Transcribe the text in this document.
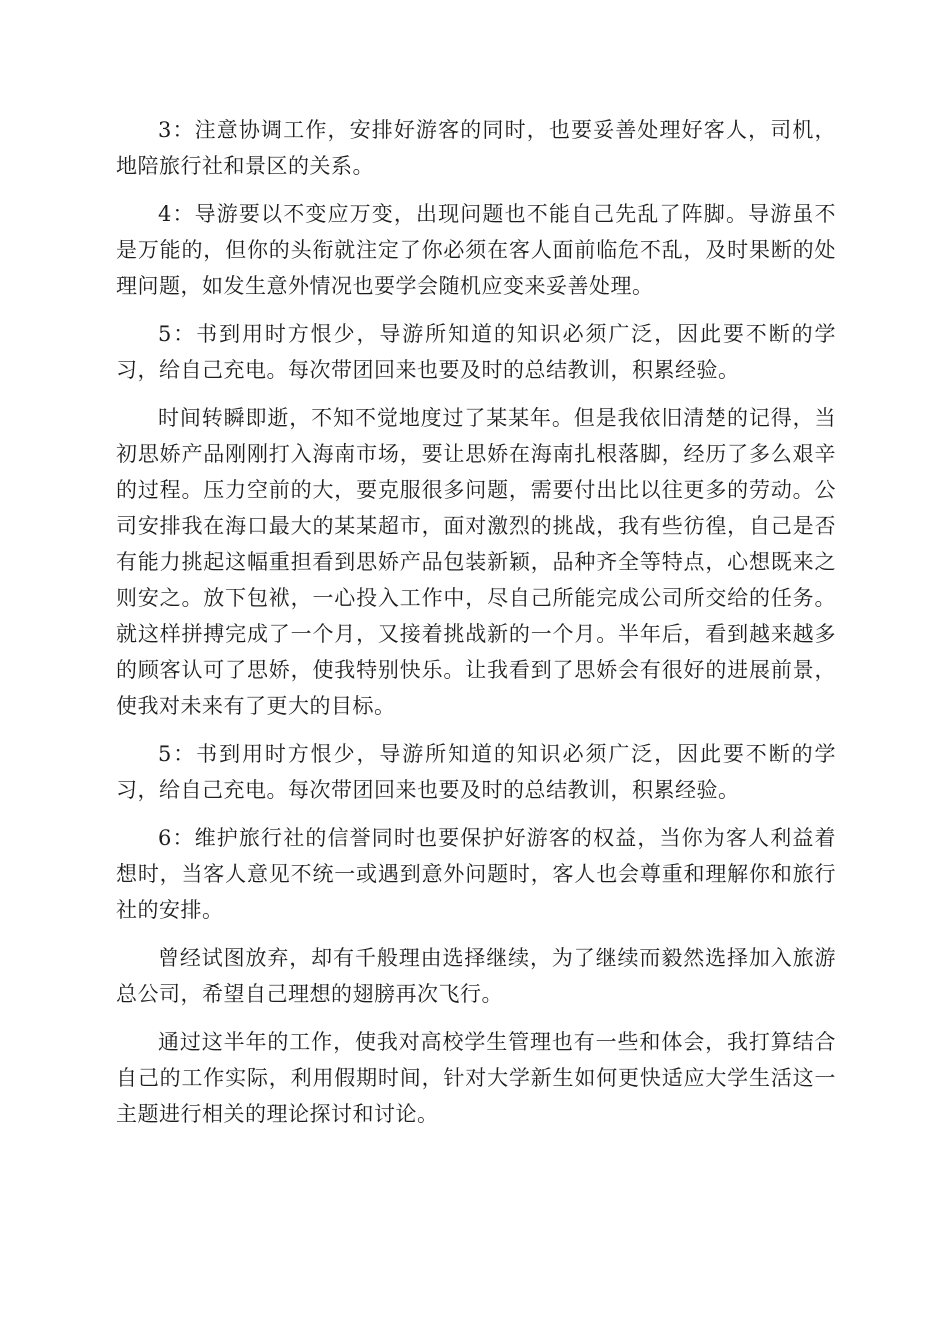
3：注意协调工作，安排好游客的同时，也要妥善处理好客人，司机，地陪旅行社和景区的关系。

4：导游要以不变应万变，出现问题也不能自己先乱了阵脚。导游虽不是万能的，但你的头衔就注定了你必须在客人面前临危不乱，及时果断的处理问题，如发生意外情况也要学会随机应变来妥善处理。

5：书到用时方恨少，导游所知道的知识必须广泛，因此要不断的学习，给自己充电。每次带团回来也要及时的总结教训，积累经验。

时间转瞬即逝，不知不觉地度过了某某年。但是我依旧清楚的记得，当初思娇产品刚刚打入海南市场，要让思娇在海南扎根落脚，经历了多么艰辛的过程。压力空前的大，要克服很多问题，需要付出比以往更多的劳动。公司安排我在海口最大的某某超市，面对激烈的挑战，我有些彷徨，自己是否有能力挑起这幅重担看到思娇产品包装新颖，品种齐全等特点，心想既来之则安之。放下包袱，一心投入工作中，尽自己所能完成公司所交给的任务。就这样拼搏完成了一个月，又接着挑战新的一个月。半年后，看到越来越多的顾客认可了思娇，使我特别快乐。让我看到了思娇会有很好的进展前景，使我对未来有了更大的目标。

5：书到用时方恨少，导游所知道的知识必须广泛，因此要不断的学习，给自己充电。每次带团回来也要及时的总结教训，积累经验。

6：维护旅行社的信誉同时也要保护好游客的权益，当你为客人利益着想时，当客人意见不统一或遇到意外问题时，客人也会尊重和理解你和旅行社的安排。

曾经试图放弃，却有千般理由选择继续，为了继续而毅然选择加入旅游总公司，希望自己理想的翅膀再次飞行。

通过这半年的工作，使我对高校学生管理也有一些和体会，我打算结合自己的工作实际，利用假期时间，针对大学新生如何更快适应大学生活这一主题进行相关的理论探讨和讨论。
